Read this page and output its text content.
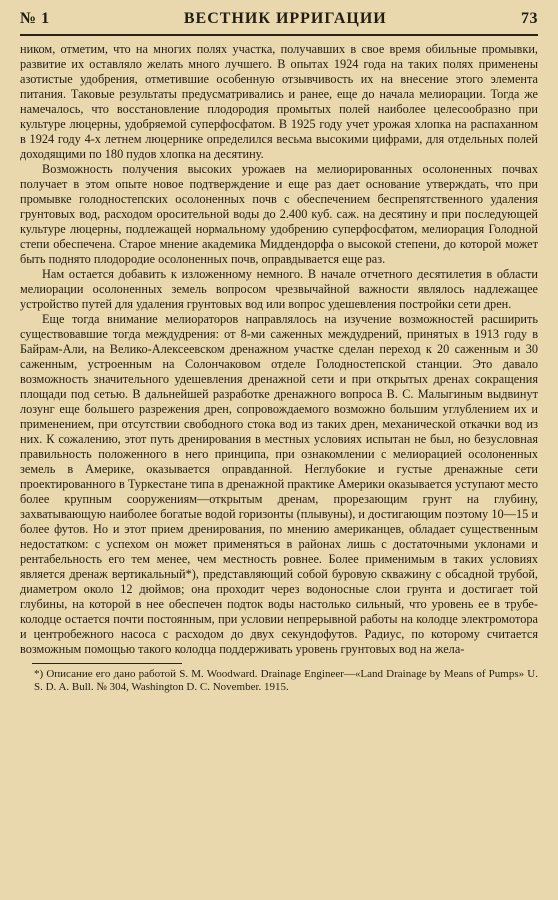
№ 1	ВЕСТНИК ИРРИГАЦИИ	73

ником, отметим, что на многих полях участка, получавших в свое время обильные промывки, развитие их оставляло желать много лучшего. В опытах 1924 года на таких полях применены азотистые удобрения, отметившие особенную отзывчивость их на внесение этого элемента питания. Таковые результаты предусматривались и ранее, еще до начала мелиорации. Тогда же намечалось, что восстановление плодородия промытых полей наиболее целесообразно при культуре люцерны, удобряемой суперфосфатом. В 1925 году учет урожая хлопка на распаханном в 1924 году 4-х летнем люцернике определился весьма высокими цифрами, для отдельных полей доходящими по 180 пудов хлопка на десятину.

Возможность получения высоких урожаев на мелиорированных осолоненных почвах получает в этом опыте новое подтверждение и еще раз дает основание утверждать, что при промывке голодностепских осолоненных почв с обеспечением беспрепятственного удаления грунтовых вод, расходом оросительной воды до 2.400 куб. саж. на десятину и при последующей культуре люцерны, подлежащей нормальному удобрению суперфосфатом, мелиорация Голодной степи обеспечена. Старое мнение академика Миддендорфа о высокой степени, до которой может быть поднято плодородие осолоненных почв, оправдывается еще раз.

Нам остается добавить к изложенному немного. В начале отчетного десятилетия в области мелиорации осолоненных земель вопросом чрезвычайной важности являлось надлежащее устройство путей для удаления грунтовых вод или вопрос удешевления постройки сети дрен.

Еще тогда внимание мелиораторов направлялось на изучение возможностей расширить существовавшие тогда междудрения: от 8-ми саженных междудрений, принятых в 1913 году в Байрам-Али, на Велико-Алексеевском дренажном участке сделан переход к 20 саженным и 30 саженным, устроенным на Солончаковом отделе Голодностепской станции. Это давало возможность значительного удешевления дренажной сети и при открытых дренах сокращения площади под сетью. В дальнейшей разработке дренажного вопроса В. С. Малыгиным выдвинут лозунг еще большего разрежения дрен, сопровождаемого возможно большим углублением их и применением, при отсутствии свободного стока вод из таких дрен, механической откачки вод из них. К сожалению, этот путь дренирования в местных условиях испытан не был, но безусловная правильность положенного в него принципа, при ознакомлении с мелиорацией осолоненных земель в Америке, оказывается оправданной. Неглубокие и густые дренажные сети проектированного в Туркестане типа в дренажной практике Америки оказывается уступают место более крупным сооружениям—открытым дренам, прорезающим грунт на глубину, захватывающую наиболее богатые водой горизонты (плывуны), и достигающим поэтому 10—15 и более футов. Но и этот прием дренирования, по мнению американцев, обладает существенным недостатком: с успехом он может применяться в районах лишь с достаточными уклонами и рентабельность его тем менее, чем местность ровнее. Более применимым в таких условиях является дренаж вертикальный*), представляющий собой буровую скважину с обсадной трубой, диаметром около 12 дюймов; она проходит через водоносные слои грунта и достигает той глубины, на которой в нее обеспечен подток воды настолько сильный, что уровень ее в трубе-колодце остается почти постоянным, при условии непрерывной работы на колодце электромотора и центробежного насоса с расходом до двух секундофутов. Радиус, по которому считается возможным помощью такого колодца поддерживать уровень грунтовых вод на жела-

*) Описание его дано работой S. M. Woodward. Drainage Engineer—«Land Drainage by Means of Pumps» U. S. D. A. Bull. № 304, Washington D. C. November. 1915.
